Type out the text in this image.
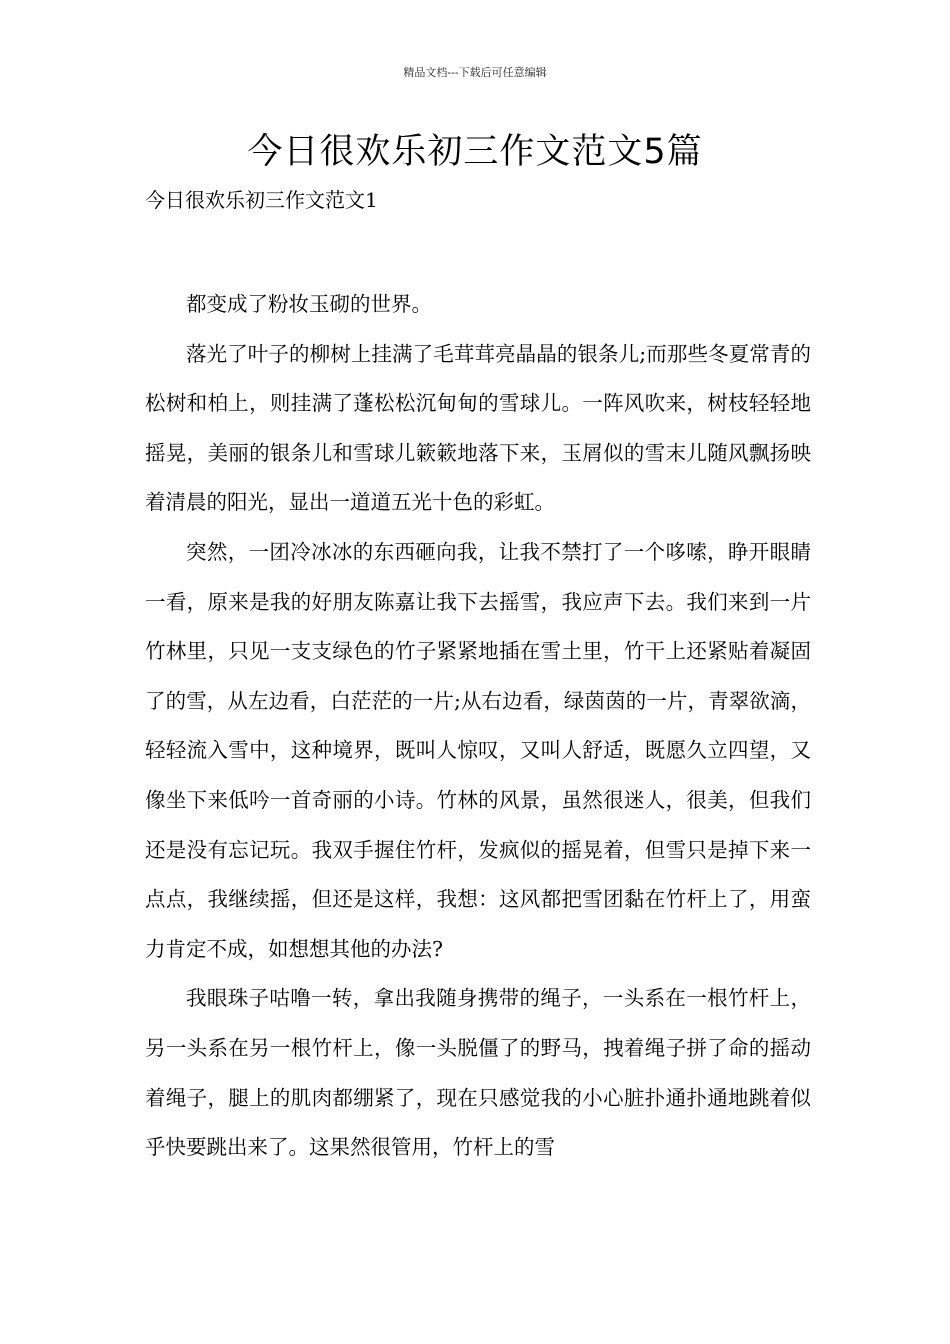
精品文档---下载后可任意编辑
今日很欢乐初三作文范文5篇
今日很欢乐初三作文范文1

都变成了粉妆玉砌的世界。

落光了叶子的柳树上挂满了毛茸茸亮晶晶的银条儿;而那些冬夏常青的松树和柏上，则挂满了蓬松松沉甸甸的雪球儿。一阵风吹来，树枝轻轻地摇晃，美丽的银条儿和雪球儿簌簌地落下来，玉屑似的雪末儿随风飘扬映着清晨的阳光，显出一道道五光十色的彩虹。

突然，一团冷冰冰的东西砸向我，让我不禁打了一个哆嗦，睁开眼睛一看，原来是我的好朋友陈嘉让我下去摇雪，我应声下去。我们来到一片竹林里，只见一支支绿色的竹子紧紧地插在雪土里，竹干上还紧贴着凝固了的雪，从左边看，白茫茫的一片;从右边看，绿茵茵的一片，青翠欲滴，轻轻流入雪中，这种境界，既叫人惊叹，又叫人舒适，既愿久立四望，又像坐下来低吟一首奇丽的小诗。竹林的风景，虽然很迷人，很美，但我们还是没有忘记玩。我双手握住竹杆，发疯似的摇晃着，但雪只是掉下来一点点，我继续摇，但还是这样，我想：这风都把雪团黏在竹杆上了，用蛮力肯定不成，如想想其他的办法?

我眼珠子咕噜一转，拿出我随身携带的绳子，一头系在一根竹杆上，另一头系在另一根竹杆上，像一头脱僵了的野马，拽着绳子拼了命的摇动着绳子，腿上的肌肉都绷紧了，现在只感觉我的小心脏扑通扑通地跳着似乎快要跳出来了。这果然很管用，竹杆上的雪
